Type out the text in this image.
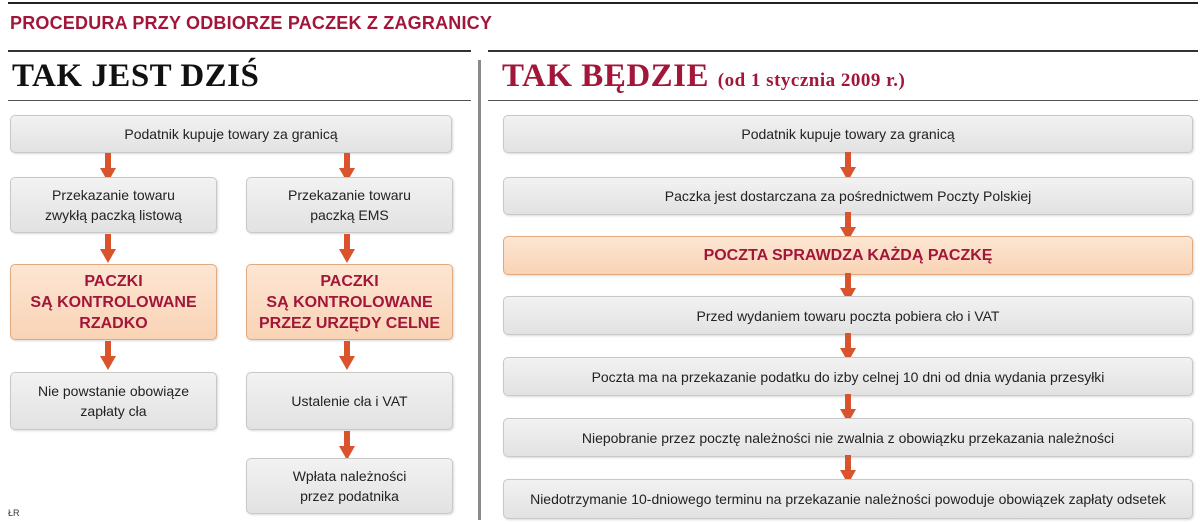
PROCEDURA PRZY ODBIORZE PACZEK Z ZAGRANICY
TAK JEST DZIŚ
Podatnik kupuje towary za granicą
Przekazanie towaru
zwykłą paczką listową
Przekazanie towaru
paczką EMS
PACZKI
SĄ KONTROLOWANE
RZADKO
PACZKI
SĄ KONTROLOWANE
PRZEZ URZĘDY CELNE
Nie powstanie obowiąze
zapłaty cła
Ustalenie cła i VAT
Wpłata należności
przez podatnika
ŁR
TAK BĘDZIE (od 1 stycznia 2009 r.)
Podatnik kupuje towary za granicą
Paczka jest dostarczana za pośrednictwem Poczty Polskiej
POCZTA SPRAWDZA KAŻDĄ PACZKĘ
Przed wydaniem towaru poczta pobiera cło i VAT
Poczta ma na przekazanie podatku do izby celnej 10 dni od dnia wydania przesyłki
Niepobranie przez pocztę należności nie zwalnia z obowiązku przekazania należności
Niedotrzymanie 10-dniowego terminu na przekazanie należności powoduje obowiązek zapłaty odsetek
